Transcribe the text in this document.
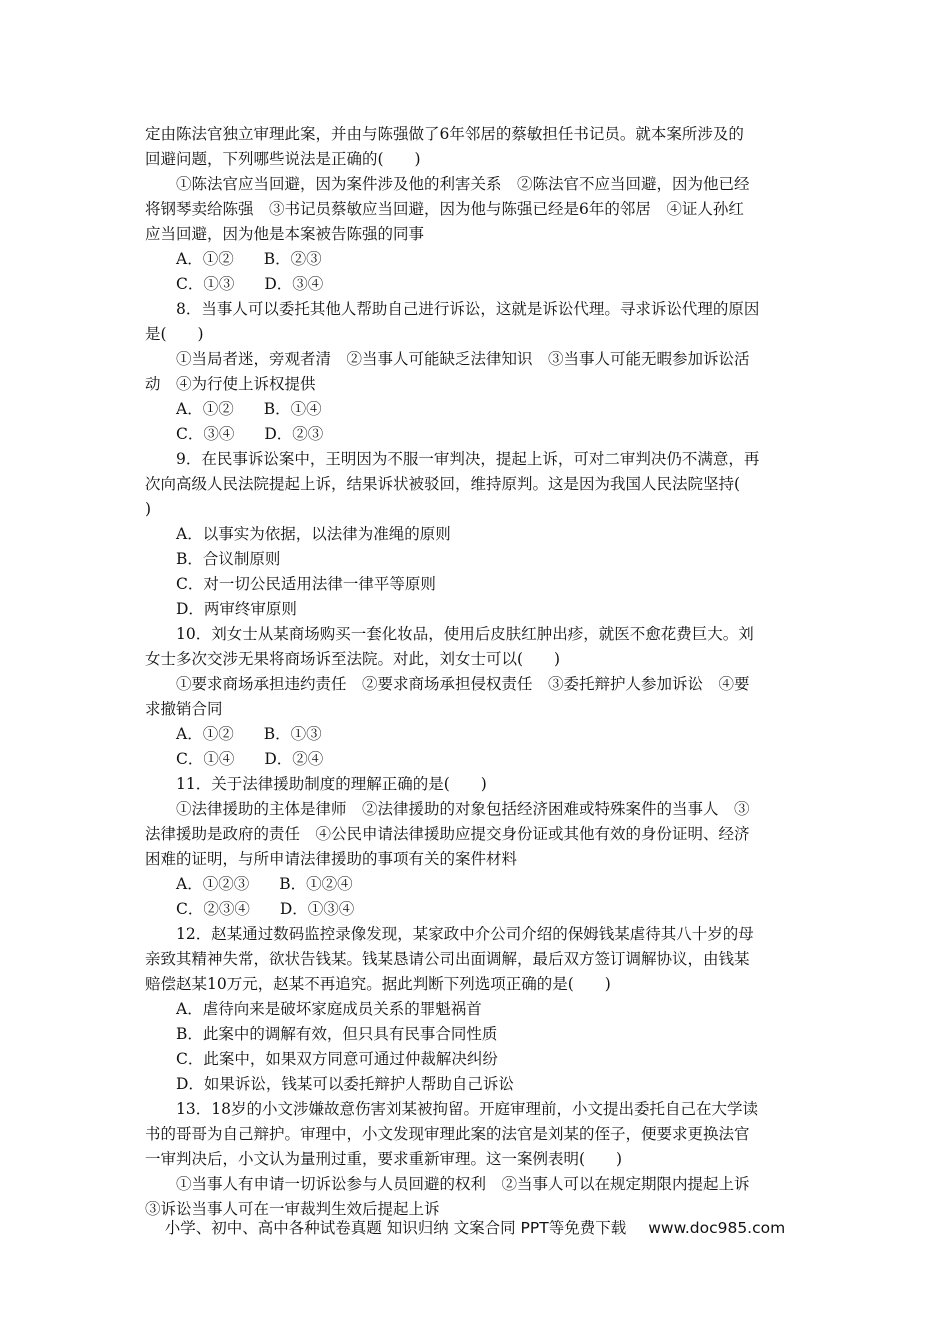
定由陈法官独立审理此案，并由与陈强做了6年邻居的蔡敏担任书记员。就本案所涉及的

回避问题，下列哪些说法是正确的(　　)

①陈法官应当回避，因为案件涉及他的利害关系　②陈法官不应当回避，因为他已经

将钢琴卖给陈强　③书记员蔡敏应当回避，因为他与陈强已经是6年的邻居　④证人孙红

应当回避，因为他是本案被告陈强的同事

A．①② B．②③

C．①③ D．③④

8．当事人可以委托其他人帮助自己进行诉讼，这就是诉讼代理。寻求诉讼代理的原因

是(　　)

①当局者迷，旁观者清　②当事人可能缺乏法律知识　③当事人可能无暇参加诉讼活

动　④为行使上诉权提供

A．①② B．①④

C．③④ D．②③

9．在民事诉讼案中，王明因为不服一审判决，提起上诉，可对二审判决仍不满意，再

次向高级人民法院提起上诉，结果诉状被驳回，维持原判。这是因为我国人民法院坚持(

)

A．以事实为依据，以法律为准绳的原则

B．合议制原则

C．对一切公民适用法律一律平等原则

D．两审终审原则

10．刘女士从某商场购买一套化妆品，使用后皮肤红肿出疹，就医不愈花费巨大。刘

女士多次交涉无果将商场诉至法院。对此，刘女士可以(　　)

①要求商场承担违约责任　②要求商场承担侵权责任　③委托辩护人参加诉讼　④要

求撤销合同

A．①② B．①③

C．①④ D．②④

11．关于法律援助制度的理解正确的是(　　)

①法律援助的主体是律师　②法律援助的对象包括经济困难或特殊案件的当事人　③

法律援助是政府的责任　④公民申请法律援助应提交身份证或其他有效的身份证明、经济

困难的证明，与所申请法律援助的事项有关的案件材料

A．①②③ B．①②④

C．②③④ D．①③④

12．赵某通过数码监控录像发现，某家政中介公司介绍的保姆钱某虐待其八十岁的母

亲致其精神失常，欲状告钱某。钱某恳请公司出面调解，最后双方签订调解协议，由钱某

赔偿赵某10万元，赵某不再追究。据此判断下列选项正确的是(　　)

A．虐待向来是破坏家庭成员关系的罪魁祸首

B．此案中的调解有效，但只具有民事合同性质

C．此案中，如果双方同意可通过仲裁解决纠纷

D．如果诉讼，钱某可以委托辩护人帮助自己诉讼

13．18岁的小文涉嫌故意伤害刘某被拘留。开庭审理前，小文提出委托自己在大学读

书的哥哥为自己辩护。审理中，小文发现审理此案的法官是刘某的侄子，便要求更换法官

一审判决后，小文认为量刑过重，要求重新审理。这一案例表明(　　)

①当事人有申请一切诉讼参与人员回避的权利　②当事人可以在规定期限内提起上诉

③诉讼当事人可在一审裁判生效后提起上诉

小学、初中、高中各种试卷真题 知识归纳 文案合同 PPT等免费下载 www.doc985.com
